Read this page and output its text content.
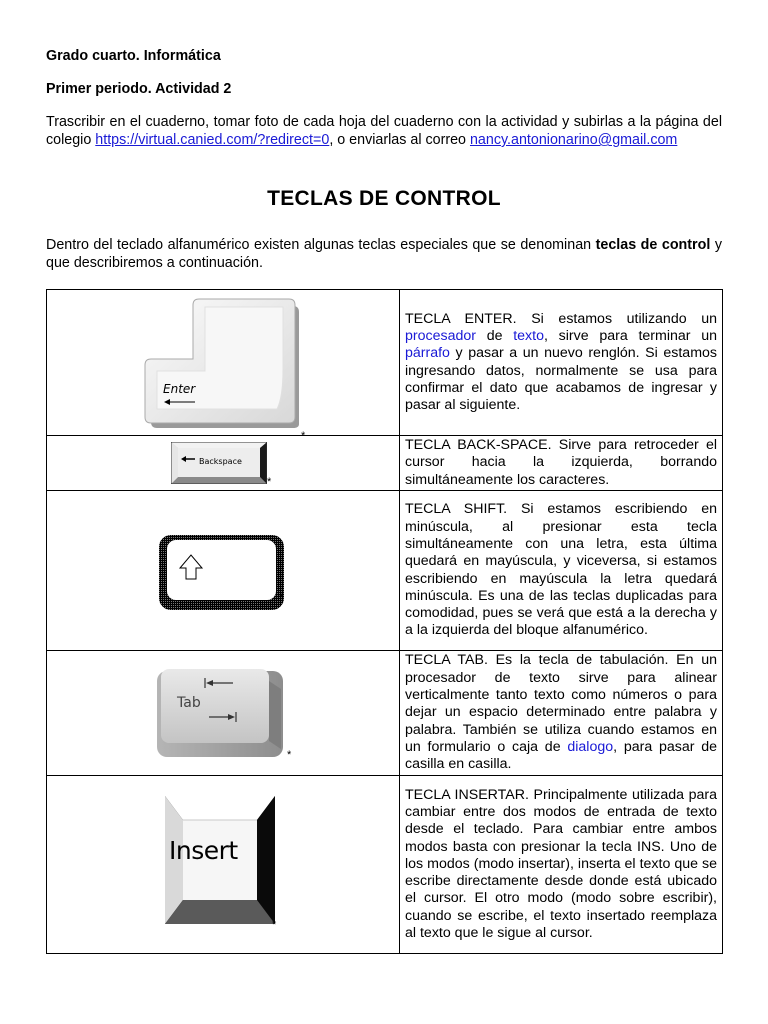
Grado cuarto. Informática
Primer periodo. Actividad 2
Trascribir en el cuaderno, tomar foto de cada hoja del cuaderno con la actividad y subirlas a la página del colegio https://virtual.canied.com/?redirect=0, o enviarlas al correo nancy.antonionarino@gmail.com
TECLAS DE CONTROL
Dentro del teclado alfanumérico existen algunas teclas especiales que se denominan teclas de control y que describiremos a continuación.
Enter
*	TECLA ENTER. Si estamos utilizando un procesador de texto, sirve para terminar un párrafo y pasar a un nuevo renglón. Si estamos ingresando datos, normalmente se usa para confirmar el dato que acabamos de ingresar y pasar al siguiente.

Backspace
*	TECLA BACK-SPACE. Sirve para retroceder el cursor hacia la izquierda, borrando simultáneamente los caracteres.

*	TECLA SHIFT. Si estamos escribiendo en minúscula, al presionar esta tecla simultáneamente con una letra, esta última quedará en mayúscula, y viceversa, si estamos escribiendo en mayúscula la letra quedará minúscula. Es una de las teclas duplicadas para comodidad, pues se verá que está a la derecha y a la izquierda del bloque alfanumérico.

Tab
*	TECLA TAB. Es la tecla de tabulación. En un procesador de texto sirve para alinear verticalmente tanto texto como números o para dejar un espacio determinado entre palabra y palabra. También se utiliza cuando estamos en un formulario o caja de dialogo, para pasar de casilla en casilla.

Insert
*	TECLA INSERTAR. Principalmente utilizada para cambiar entre dos modos de entrada de texto desde el teclado. Para cambiar entre ambos modos basta con presionar la tecla INS. Uno de los modos (modo insertar), inserta el texto que se escribe directamente desde donde está ubicado el cursor. El otro modo (modo sobre escribir), cuando se escribe, el texto insertado reemplaza al texto que le sigue al cursor.
